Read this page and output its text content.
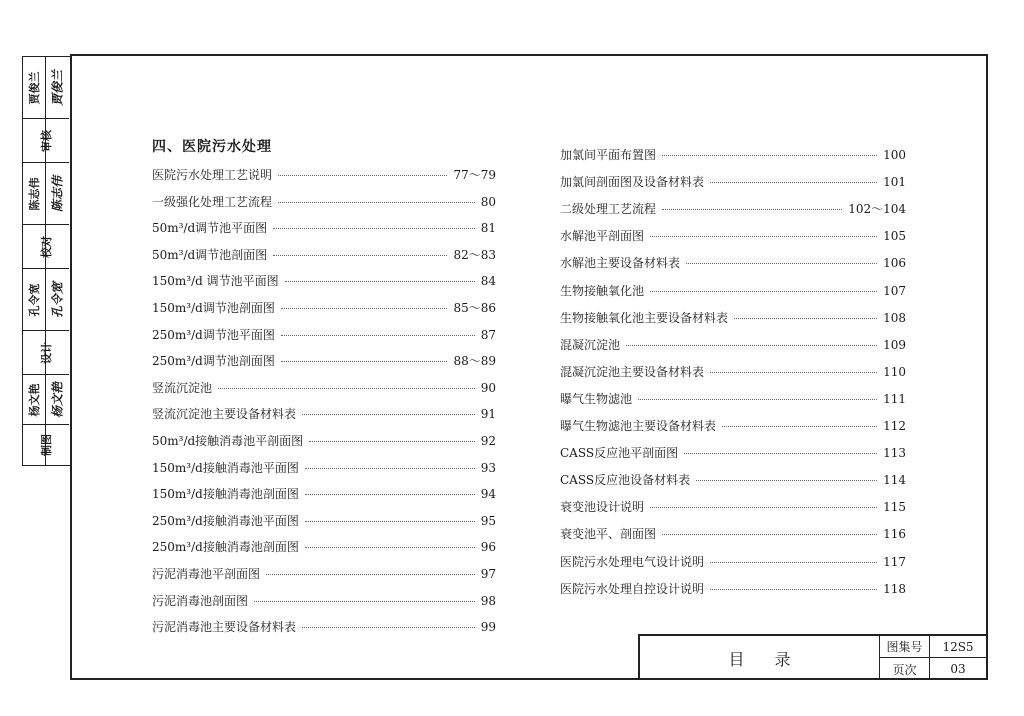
贾俊兰 贾俊兰
审核
陈志伟 陈志伟
校对
孔令宽 孔令宽
设计
杨文艳 杨文艳
制图
四、医院污水处理
医院污水处理工艺说明	77～79
一级强化处理工艺流程	80
50m³/d调节池平面图	81
50m³/d调节池剖面图	82～83
150m³/d 调节池平面图	84
150m³/d调节池剖面图	85～86
250m³/d调节池平面图	87
250m³/d调节池剖面图	88～89
竖流沉淀池	90
竖流沉淀池主要设备材料表	91
50m³/d接触消毒池平剖面图	92
150m³/d接触消毒池平面图	93
150m³/d接触消毒池剖面图	94
250m³/d接触消毒池平面图	95
250m³/d接触消毒池剖面图	96
污泥消毒池平剖面图	97
污泥消毒池剖面图	98
污泥消毒池主要设备材料表	99
加氯间平面布置图	100
加氯间剖面图及设备材料表	101
二级处理工艺流程	102～104
水解池平剖面图	105
水解池主要设备材料表	106
生物接触氧化池	107
生物接触氧化池主要设备材料表	108
混凝沉淀池	109
混凝沉淀池主要设备材料表	110
曝气生物滤池	111
曝气生物滤池主要设备材料表	112
CASS反应池平剖面图	113
CASS反应池设备材料表	114
衰变池设计说明	115
衰变池平、剖面图	116
医院污水处理电气设计说明	117
医院污水处理自控设计说明	118
目录
图集号	12S5
页次	03
